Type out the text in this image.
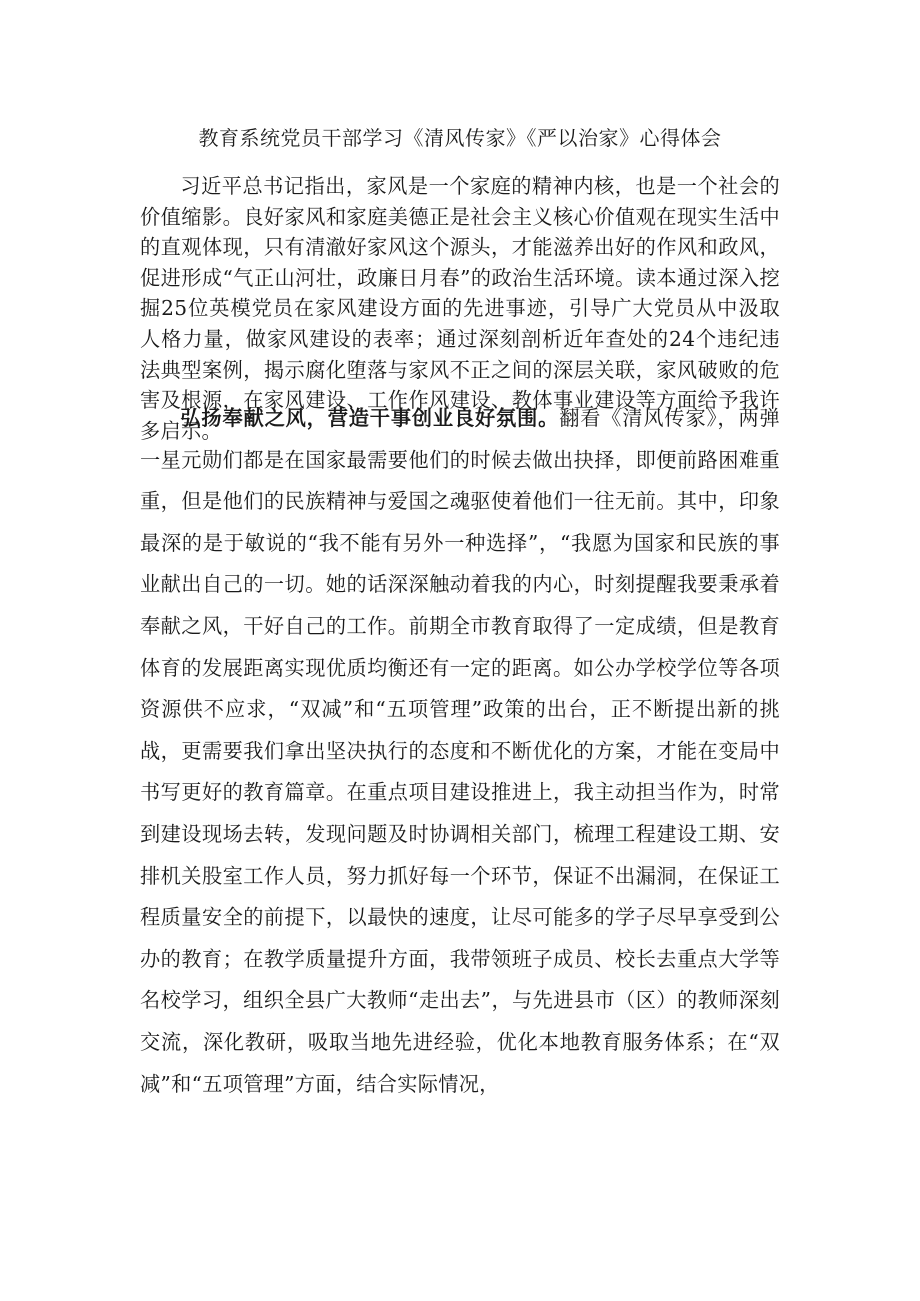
教育系统党员干部学习《清风传家》《严以治家》心得体会

习近平总书记指出，家风是一个家庭的精神内核，也是一个社会的价值缩影。良好家风和家庭美德正是社会主义核心价值观在现实生活中的直观体现，只有清澈好家风这个源头，才能滋养出好的作风和政风，促进形成“气正山河壮，政廉日月春”的政治生活环境。读本通过深入挖掘25位英模党员在家风建设方面的先进事迹，引导广大党员从中汲取人格力量，做家风建设的表率；通过深刻剖析近年查处的24个违纪违法典型案例，揭示腐化堕落与家风不正之间的深层关联，家风破败的危害及根源，在家风建设、工作作风建设、教体事业建设等方面给予我许多启示。

弘扬奉献之风，营造干事创业良好氛围。翻看《清风传家》，两弹一星元勋们都是在国家最需要他们的时候去做出抉择，即便前路困难重重，但是他们的民族精神与爱国之魂驱使着他们一往无前。其中，印象最深的是于敏说的“我不能有另外一种选择”，“我愿为国家和民族的事业献出自己的一切。她的话深深触动着我的内心，时刻提醒我要秉承着奉献之风，干好自己的工作。前期全市教育取得了一定成绩，但是教育体育的发展距离实现优质均衡还有一定的距离。如公办学校学位等各项资源供不应求，“双减”和“五项管理”政策的出台，正不断提出新的挑战，更需要我们拿出坚决执行的态度和不断优化的方案，才能在变局中书写更好的教育篇章。在重点项目建设推进上，我主动担当作为，时常到建设现场去转，发现问题及时协调相关部门，梳理工程建设工期、安排机关股室工作人员，努力抓好每一个环节，保证不出漏洞，在保证工程质量安全的前提下，以最快的速度，让尽可能多的学子尽早享受到公办的教育；在教学质量提升方面，我带领班子成员、校长去重点大学等名校学习，组织全县广大教师“走出去”，与先进县市（区）的教师深刻交流，深化教研，吸取当地先进经验，优化本地教育服务体系；在“双减”和“五项管理”方面，结合实际情况，
